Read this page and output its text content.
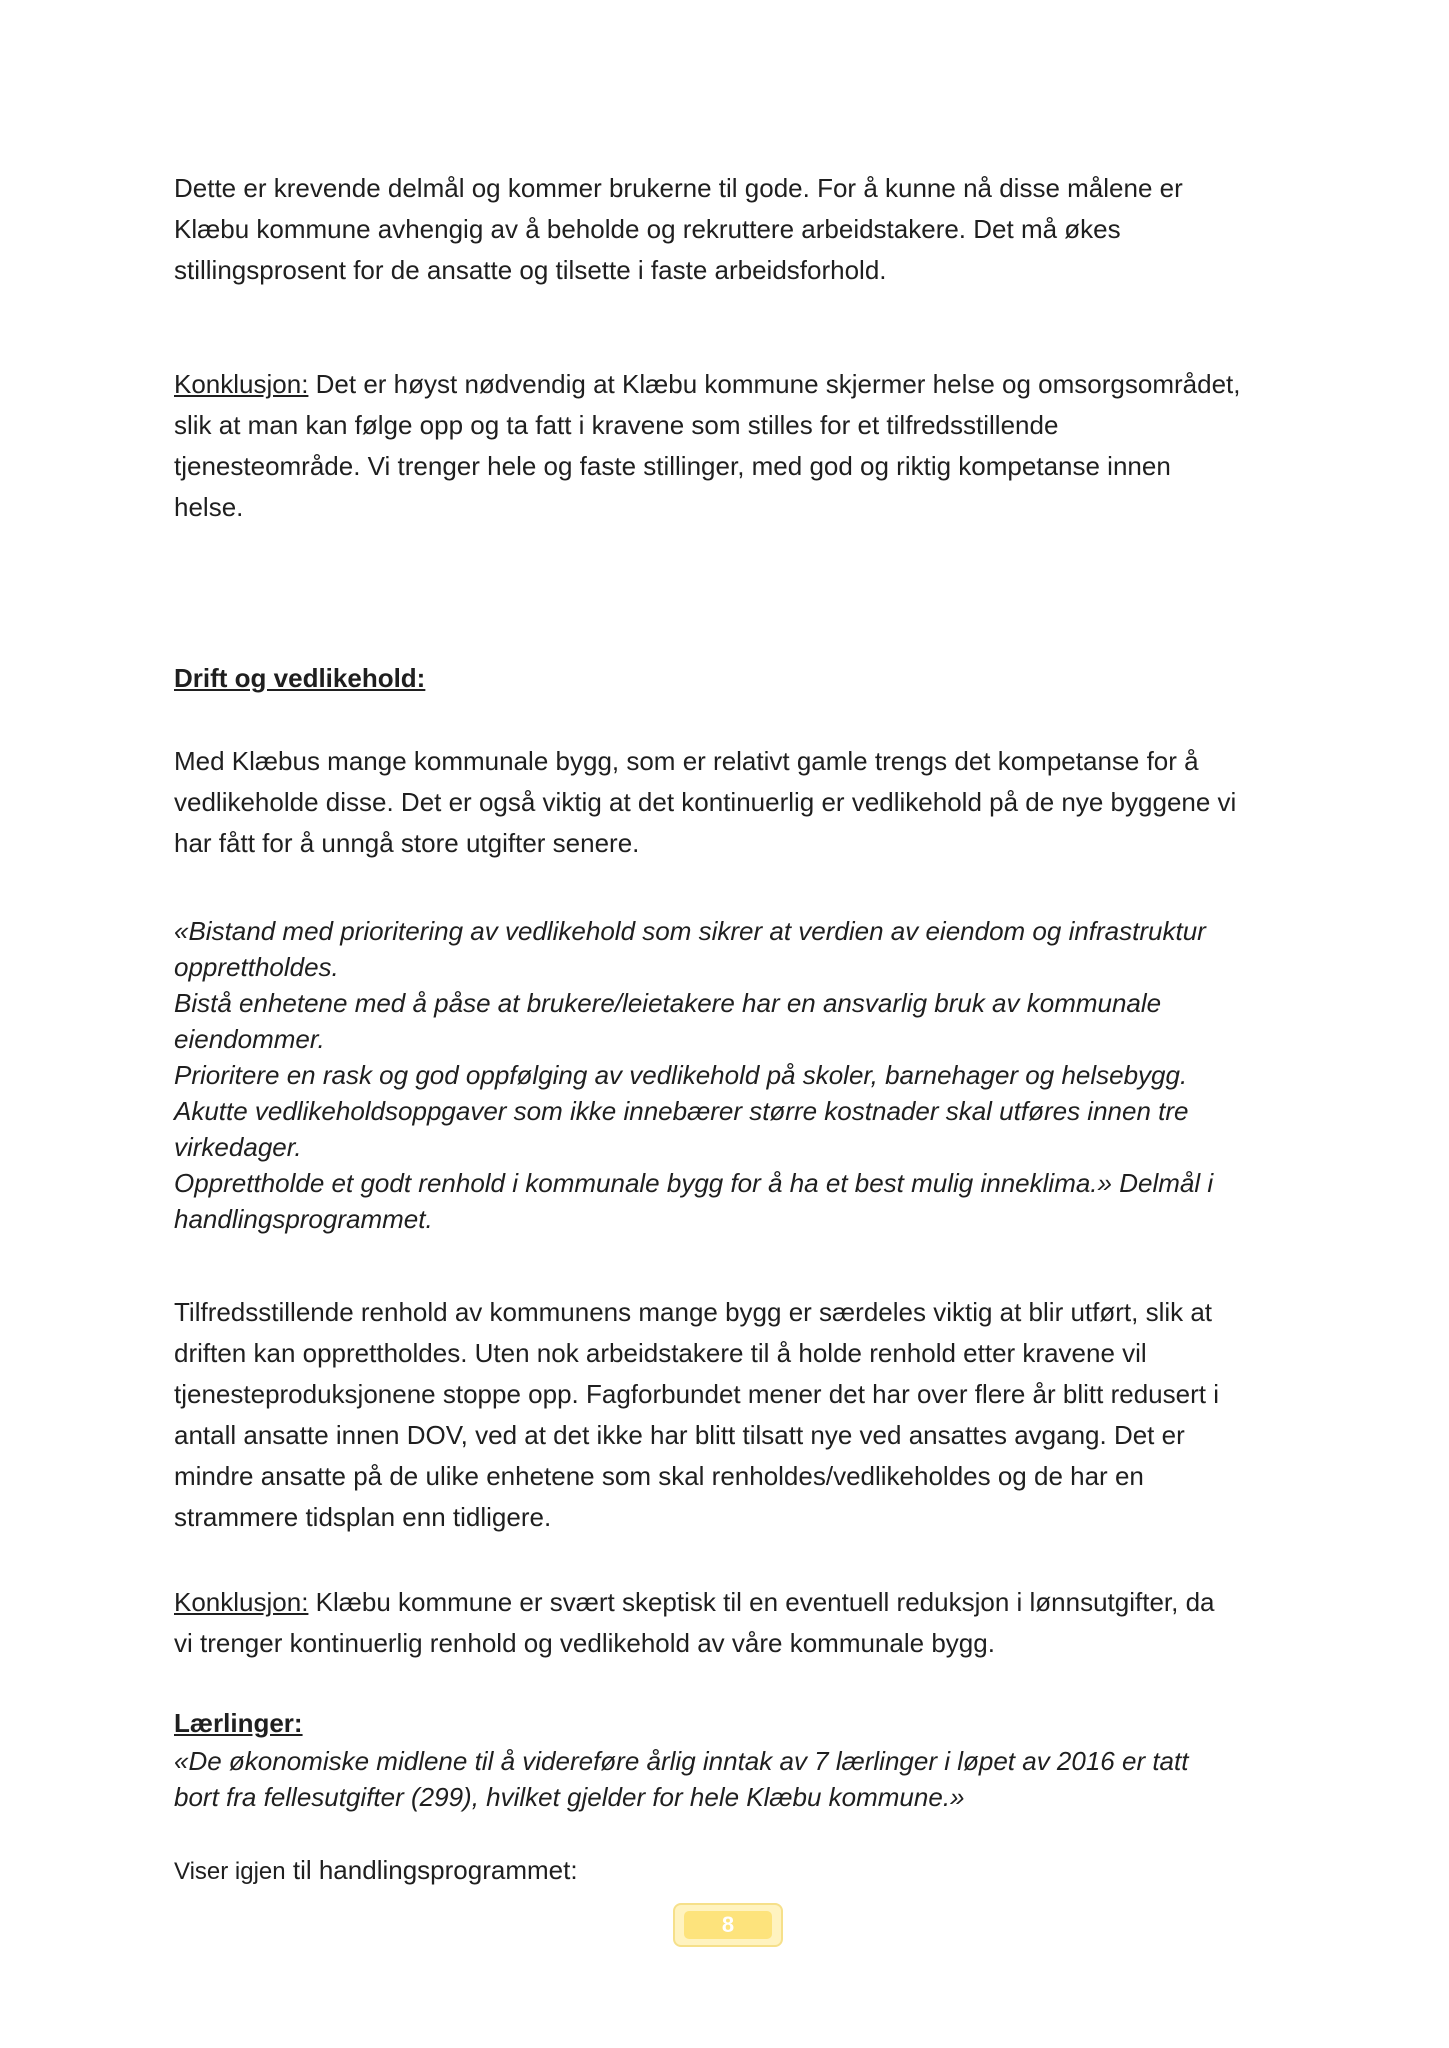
Dette er krevende delmål og kommer brukerne til gode. For å kunne nå disse målene er
Klæbu kommune avhengig av å beholde og rekruttere arbeidstakere. Det må økes
stillingsprosent for de ansatte og tilsette i faste arbeidsforhold.
Konklusjon: Det er høyst nødvendig at Klæbu kommune skjermer helse og omsorgsområdet,
slik at man kan følge opp og ta fatt i kravene som stilles for et tilfredsstillende
tjenesteområde. Vi trenger hele og faste stillinger, med god og riktig kompetanse innen
helse.
Drift og vedlikehold:
Med Klæbus mange kommunale bygg, som er relativt gamle trengs det kompetanse for å
vedlikeholde disse. Det er også viktig at det kontinuerlig er vedlikehold på de nye byggene vi
har fått for å unngå store utgifter senere.
«Bistand med prioritering av vedlikehold som sikrer at verdien av eiendom og infrastruktur
opprettholdes.
Bistå enhetene med å påse at brukere/leietakere har en ansvarlig bruk av kommunale
eiendommer.
Prioritere en rask og god oppfølging av vedlikehold på skoler, barnehager og helsebygg.
Akutte vedlikeholdsoppgaver som ikke innebærer større kostnader skal utføres innen tre
virkedager.
Opprettholde et godt renhold i kommunale bygg for å ha et best mulig inneklima.» Delmål i
handlingsprogrammet.
Tilfredsstillende renhold av kommunens mange bygg er særdeles viktig at blir utført, slik at
driften kan opprettholdes. Uten nok arbeidstakere til å holde renhold etter kravene vil
tjenesteproduksjonene stoppe opp. Fagforbundet mener det har over flere år blitt redusert i
antall ansatte innen DOV, ved at det ikke har blitt tilsatt nye ved ansattes avgang. Det er
mindre ansatte på de ulike enhetene som skal renholdes/vedlikeholdes og de har en
strammere tidsplan enn tidligere.
Konklusjon: Klæbu kommune er svært skeptisk til en eventuell reduksjon i lønnsutgifter, da
vi trenger kontinuerlig renhold og vedlikehold av våre kommunale bygg.
Lærlinger:
«De økonomiske midlene til å videreføre årlig inntak av 7 lærlinger i løpet av 2016 er tatt
bort fra fellesutgifter (299), hvilket gjelder for hele Klæbu kommune.»
Viser igjen til handlingsprogrammet:
8
